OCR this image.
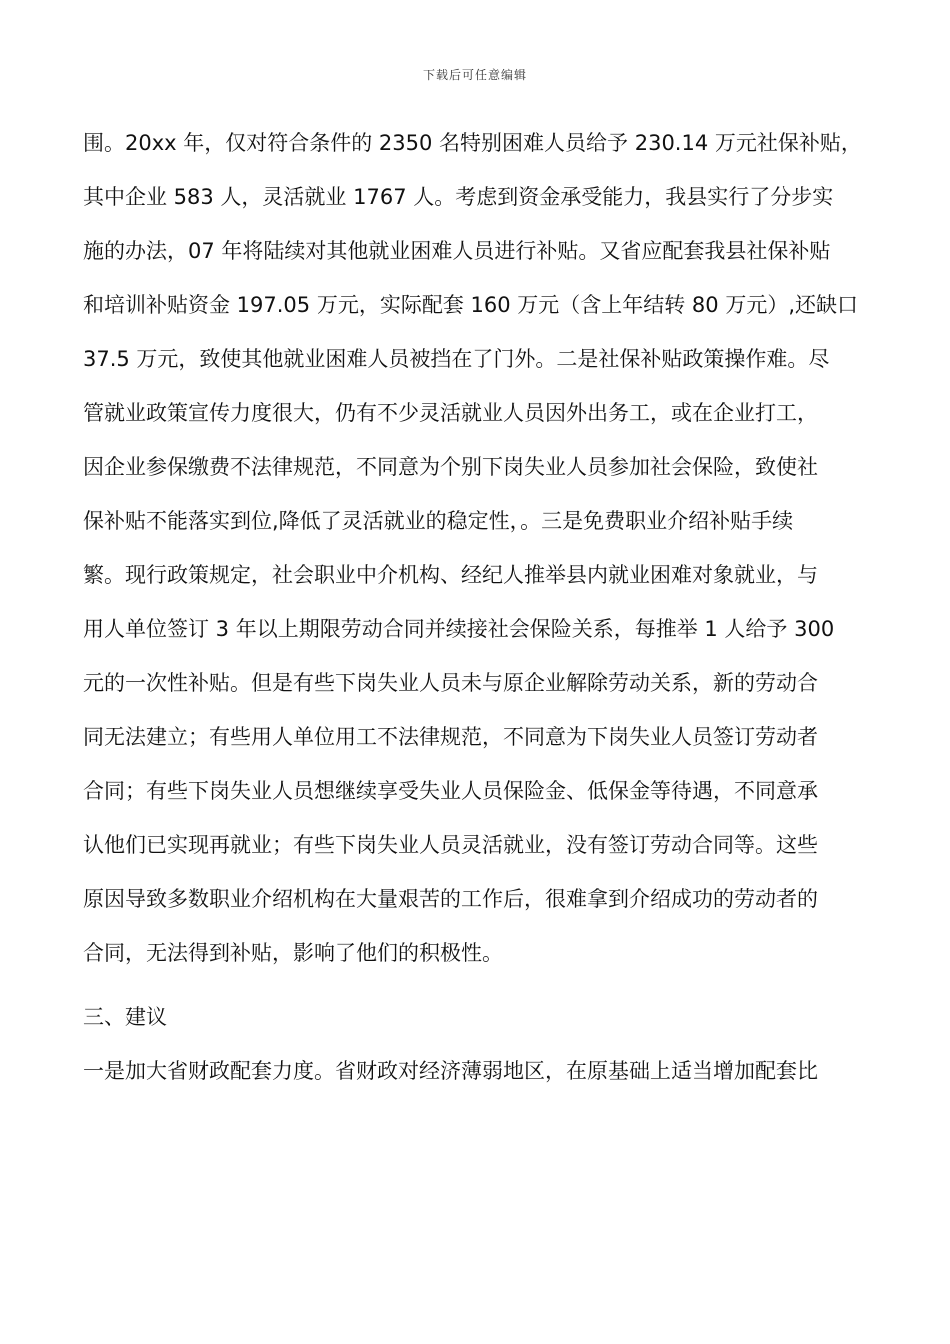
下载后可任意编辑
围。20xx 年，仅对符合条件的 2350 名特别困难人员给予 230.14 万元社保补贴，
其中企业 583 人，灵活就业 1767 人。考虑到资金承受能力，我县实行了分步实
施的办法，07 年将陆续对其他就业困难人员进行补贴。又省应配套我县社保补贴
和培训补贴资金 197.05 万元，实际配套 160 万元（含上年结转 80 万元）,还缺口
37.5 万元，致使其他就业困难人员被挡在了门外。二是社保补贴政策操作难。尽
管就业政策宣传力度很大，仍有不少灵活就业人员因外出务工，或在企业打工，
因企业参保缴费不法律规范，不同意为个别下岗失业人员参加社会保险，致使社
保补贴不能落实到位,降低了灵活就业的稳定性，。三是免费职业介绍补贴手续
繁。现行政策规定，社会职业中介机构、经纪人推举县内就业困难对象就业，与
用人单位签订 3 年以上期限劳动合同并续接社会保险关系，每推举 1 人给予 300
元的一次性补贴。但是有些下岗失业人员未与原企业解除劳动关系，新的劳动合
同无法建立；有些用人单位用工不法律规范，不同意为下岗失业人员签订劳动者
合同；有些下岗失业人员想继续享受失业人员保险金、低保金等待遇，不同意承
认他们已实现再就业；有些下岗失业人员灵活就业，没有签订劳动合同等。这些
原因导致多数职业介绍机构在大量艰苦的工作后，很难拿到介绍成功的劳动者的
合同，无法得到补贴，影响了他们的积极性。
三、建议
一是加大省财政配套力度。省财政对经济薄弱地区，在原基础上适当增加配套比
